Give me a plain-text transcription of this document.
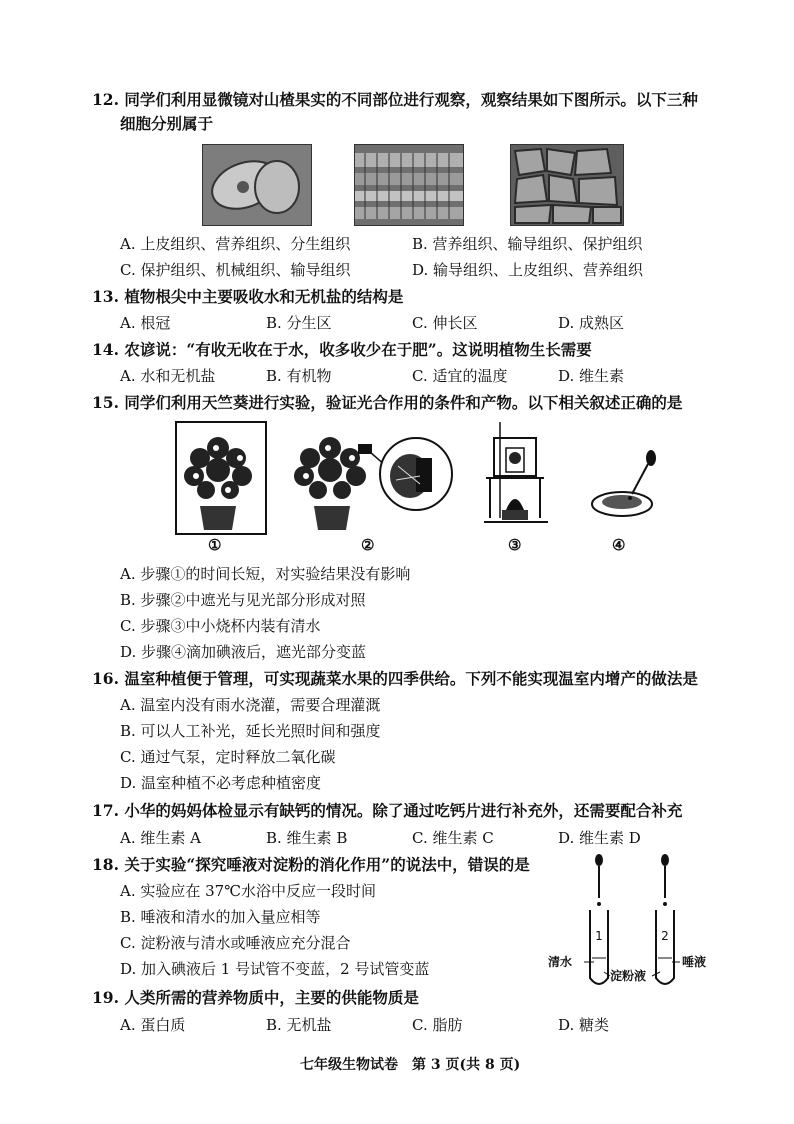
12. 同学们利用显微镜对山楂果实的不同部位进行观察，观察结果如下图所示。以下三种
细胞分别属于
A. 上皮组织、营养组织、分生组织	B. 营养组织、输导组织、保护组织
C. 保护组织、机械组织、输导组织	D. 输导组织、上皮组织、营养组织
13. 植物根尖中主要吸收水和无机盐的结构是
A. 根冠	B. 分生区	C. 伸长区	D. 成熟区
14. 农谚说：“有收无收在于水，收多收少在于肥”。这说明植物生长需要
A. 水和无机盐	B. 有机物	C. 适宜的温度	D. 维生素
15. 同学们利用天竺葵进行实验，验证光合作用的条件和产物。以下相关叙述正确的是
①	②	③	④
A. 步骤①的时间长短，对实验结果没有影响
B. 步骤②中遮光与见光部分形成对照
C. 步骤③中小烧杯内装有清水
D. 步骤④滴加碘液后，遮光部分变蓝
16. 温室种植便于管理，可实现蔬菜水果的四季供给。下列不能实现温室内增产的做法是
A. 温室内没有雨水浇灌，需要合理灌溉
B. 可以人工补光，延长光照时间和强度
C. 通过气泵，定时释放二氧化碳
D. 温室种植不必考虑种植密度
17. 小华的妈妈体检显示有缺钙的情况。除了通过吃钙片进行补充外，还需要配合补充
A. 维生素 A	B. 维生素 B	C. 维生素 C	D. 维生素 D
18. 关于实验“探究唾液对淀粉的消化作用”的说法中，错误的是
A. 实验应在 37℃水浴中反应一段时间
B. 唾液和清水的加入量应相等
C. 淀粉液与清水或唾液应充分混合
D. 加入碘液后 1 号试管不变蓝，2 号试管变蓝
1	2
清水
淀粉液
唾液
19. 人类所需的营养物质中，主要的供能物质是
A. 蛋白质	B. 无机盐	C. 脂肪	D. 糖类
七年级生物试卷　第 3 页(共 8 页)
